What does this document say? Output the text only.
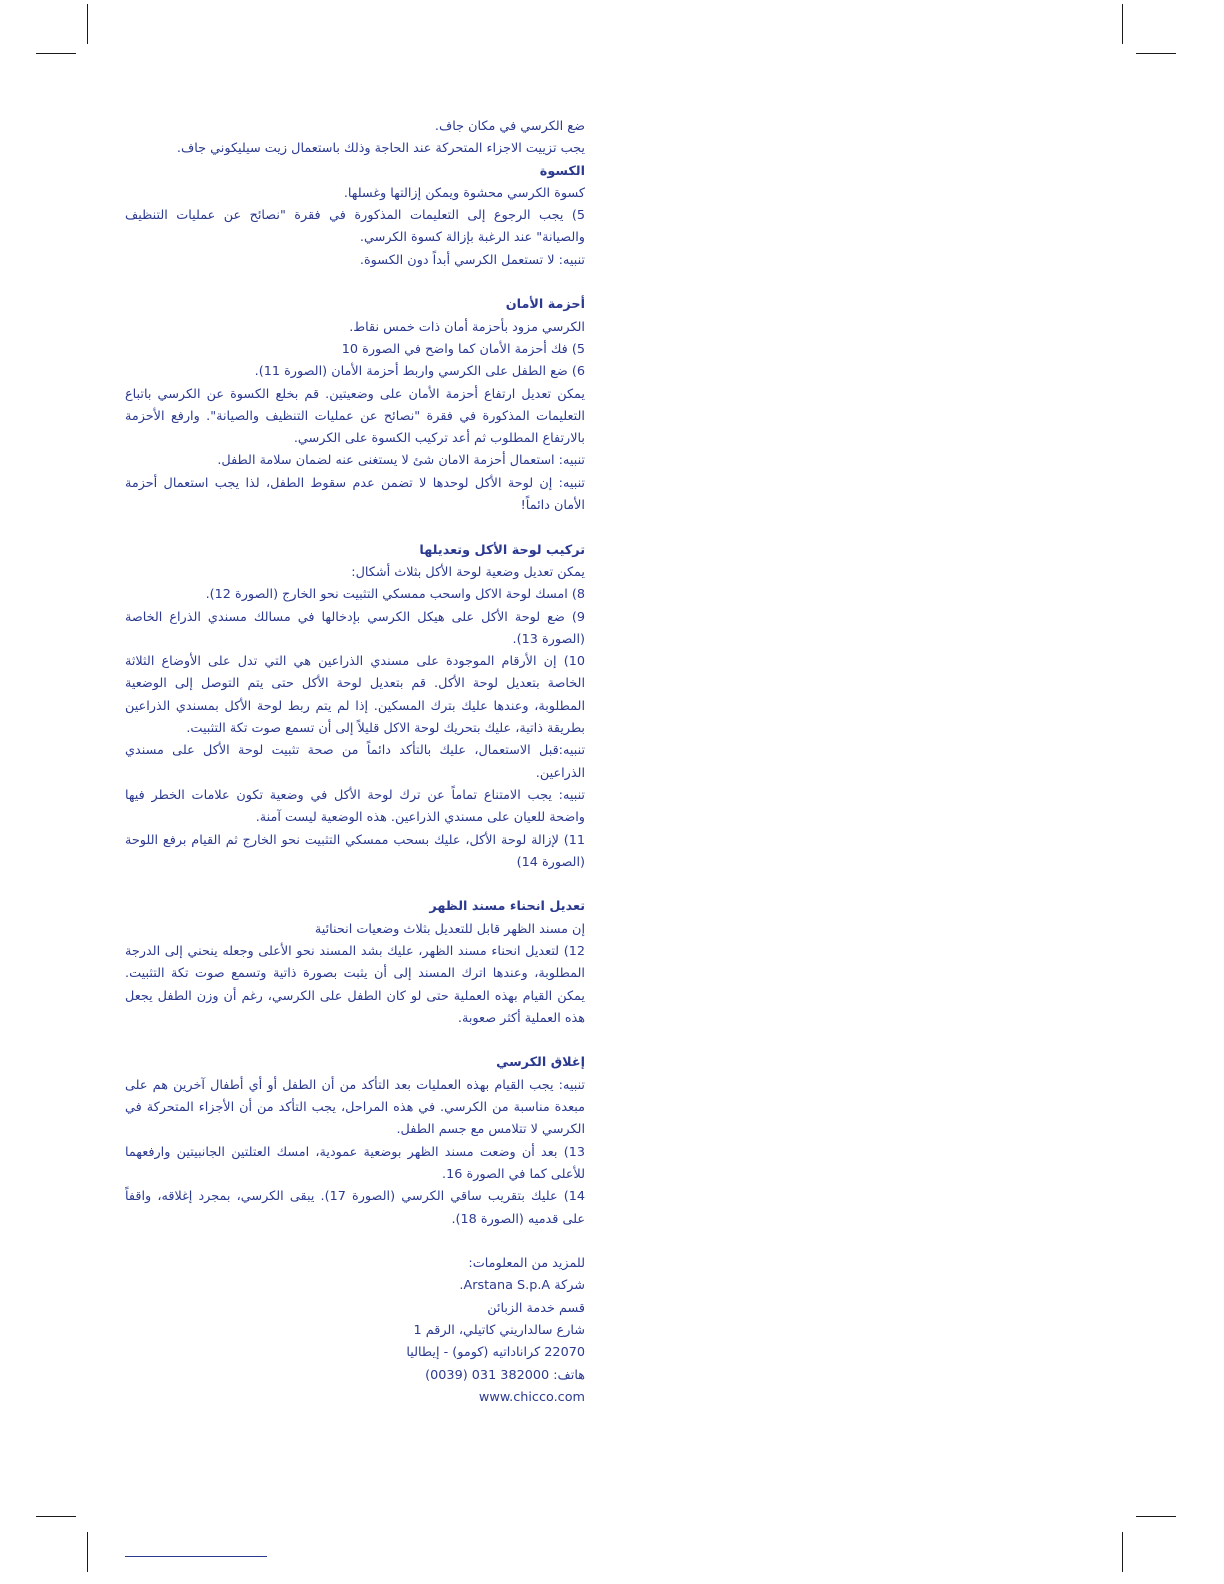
ضع الكرسي في مكان جاف.

يجب تزييت الاجزاء المتحركة عند الحاجة وذلك باستعمال زيت سيليكوني جاف.

الكسوة

كسوة الكرسي محشوة ويمكن إزالتها وغسلها.

5) يجب الرجوع إلى التعليمات المذكورة في فقرة "نصائح عن عمليات التنظيف والصيانة" عند الرغبة بإزالة كسوة الكرسي.

تنبيه: لا تستعمل الكرسي أبداً دون الكسوة.

أحزمة الأمان

الكرسي مزود بأحزمة أمان ذات خمس نقاط.

5) فك أحزمة الأمان كما واضح في الصورة 10

6) ضع الطفل على الكرسي واربط أحزمة الأمان (الصورة 11).

يمكن تعديل ارتفاع أحزمة الأمان على وضعيتين. قم بخلع الكسوة عن الكرسي باتباع التعليمات المذكورة في فقرة "نصائح عن عمليات التنظيف والصيانة". وارفع الأحزمة بالارتفاع المطلوب ثم أعد تركيب الكسوة على الكرسي.

تنبيه: استعمال أحزمة الامان شئ لا يستغنى عنه لضمان سلامة الطفل.

تنبيه: إن لوحة الأكل لوحدها لا تضمن عدم سقوط الطفل، لذا يجب استعمال أحزمة الأمان دائماً!

تركيب لوحة الأكل وتعديلها

يمكن تعديل وضعية لوحة الأكل بثلاث أشكال:

8) امسك لوحة الاكل واسحب ممسكي التثبيت نحو الخارج (الصورة 12).

9) ضع لوحة الأكل على هيكل الكرسي بإدخالها في مسالك مسندي الذراع الخاصة (الصورة 13).

10) إن الأرقام الموجودة على مسندي الذراعين هي التي تدل على الأوضاع الثلاثة الخاصة بتعديل لوحة الأكل. قم بتعديل لوحة الأكل حتى يتم التوصل إلى الوضعية المطلوبة، وعندها عليك بترك المسكين. إذا لم يتم ربط لوحة الأكل بمسندي الذراعين بطريقة ذاتية، عليك بتحريك لوحة الاكل قليلاً إلى أن تسمع صوت تكة التثبيت.

تنبيه:قبل الاستعمال، عليك بالتأكد دائماً من صحة تثبيت لوحة الأكل على مسندي الذراعين.

تنبيه: يجب الامتناع تماماً عن ترك لوحة الأكل في وضعية تكون علامات الخطر فيها واضحة للعيان على مسندي الذراعين. هذه الوضعية ليست آمنة.

11) لإزالة لوحة الأكل، عليك بسحب ممسكي التثبيت نحو الخارج ثم القيام برفع اللوحة (الصورة 14)

تعديل انحناء مسند الظهر

إن مسند الظهر قابل للتعديل بثلاث وضعيات انحنائية

12) لتعديل انحناء مسند الظهر، عليك بشد المسند نحو الأعلى وجعله ينحني إلى الدرجة المطلوبة، وعندها اترك المسند إلى أن يثبت بصورة ذاتية وتسمع صوت تكة التثبيت. يمكن القيام بهذه العملية حتى لو كان الطفل على الكرسي، رغم أن وزن الطفل يجعل هذه العملية أكثر صعوبة.

إغلاق الكرسي

تنبيه: يجب القيام بهذه العمليات بعد التأكد من أن الطفل أو أي أطفال آخرين هم على مبعدة مناسبة من الكرسي. في هذه المراحل، يجب التأكد من أن الأجزاء المتحركة في الكرسي لا تتلامس مع جسم الطفل.

13) بعد أن وضعت مسند الظهر بوضعية عمودية، امسك العتلتين الجانبيتين وارفعهما للأعلى كما في الصورة 16.

14) عليك بتقريب ساقي الكرسي (الصورة 17). يبقى الكرسي، بمجرد إغلاقه، واقفاً على قدميه (الصورة 18).

للمزيد من المعلومات:

شركة Arstana S.p.A.

قسم خدمة الزبائن

شارع سالداريني كاتيلي، الرقم 1

22070 كراناداتيه (كومو) - إيطاليا

هاتف: 382000 031 (0039)

www.chicco.com
